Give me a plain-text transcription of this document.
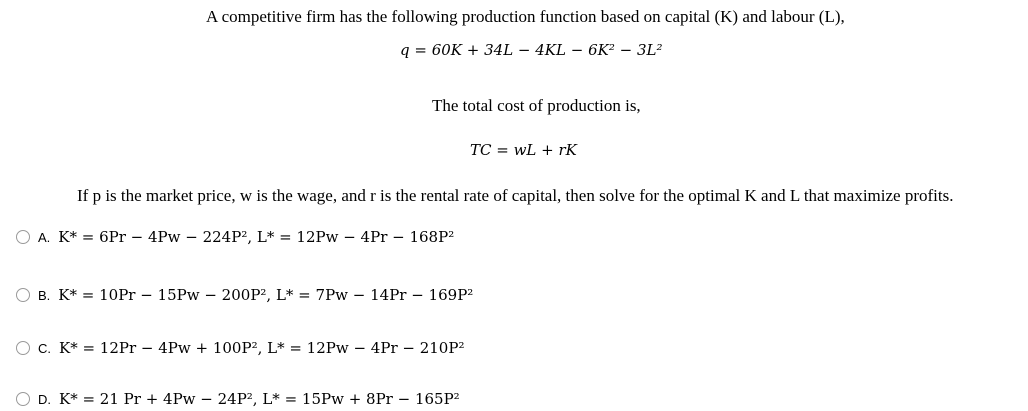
A competitive firm has the following production function based on capital (K) and labour (L),
q = 60K + 34L − 4KL − 6K² − 3L²
The total cost of production is,
TC = wL + rK
If p is the market price, w is the wage, and r is the rental rate of capital, then solve for the optimal K and L that maximize profits.
A. K* = 6Pr − 4Pw − 224P², L* = 12Pw − 4Pr − 168P²
B. K* = 10Pr − 15Pw − 200P², L* = 7Pw − 14Pr − 169P²
C. K* = 12Pr − 4Pw + 100P², L* = 12Pw − 4Pr − 210P²
D. K* = 21 Pr + 4Pw − 24P², L* = 15Pw + 8Pr − 165P²
